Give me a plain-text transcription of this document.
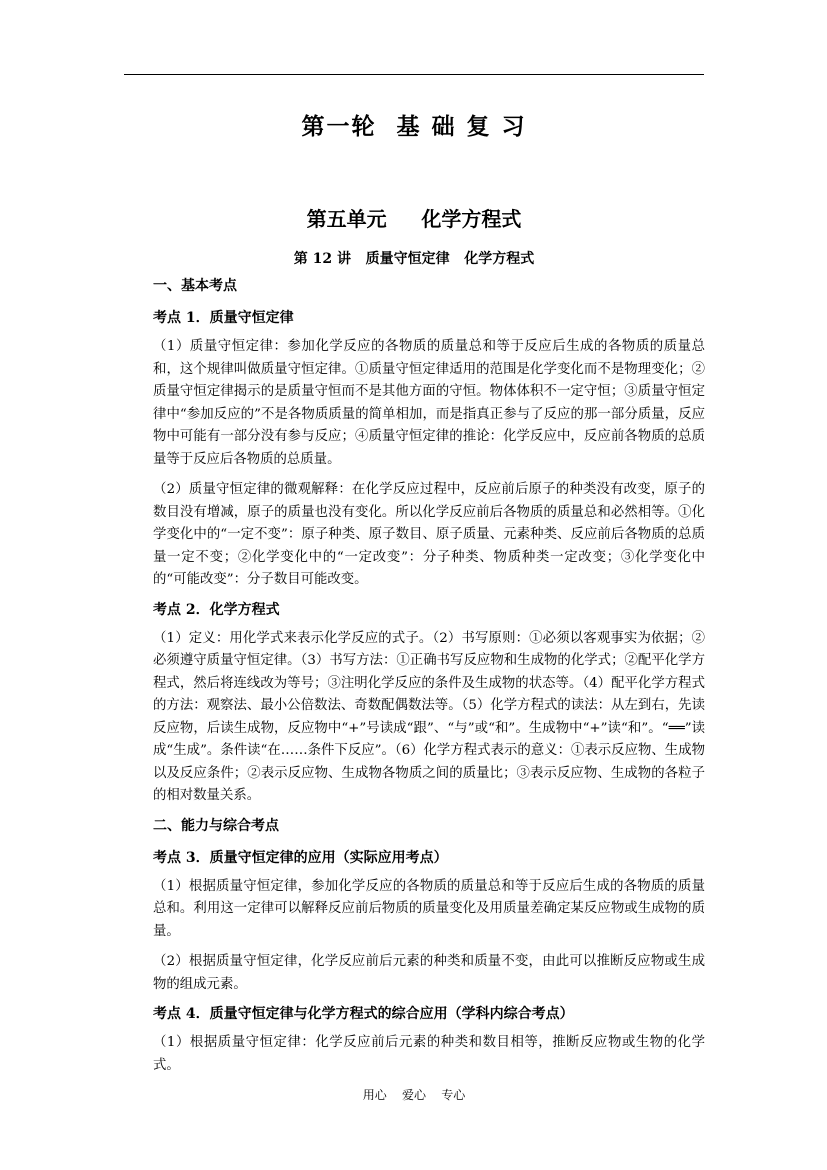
第一轮  基 础 复 习
第五单元     化学方程式
第 12 讲   质量守恒定律   化学方程式
一、基本考点
考点 1．质量守恒定律

（1）质量守恒定律：参加化学反应的各物质的质量总和等于反应后生成的各物质的质量总和，这个规律叫做质量守恒定律。①质量守恒定律适用的范围是化学变化而不是物理变化；②质量守恒定律揭示的是质量守恒而不是其他方面的守恒。物体体积不一定守恒；③质量守恒定律中“参加反应的”不是各物质质量的简单相加，而是指真正参与了反应的那一部分质量，反应物中可能有一部分没有参与反应；④质量守恒定律的推论：化学反应中，反应前各物质的总质量等于反应后各物质的总质量。

（2）质量守恒定律的微观解释：在化学反应过程中，反应前后原子的种类没有改变，原子的数目没有增减，原子的质量也没有变化。所以化学反应前后各物质的质量总和必然相等。①化学变化中的“一定不变”：原子种类、原子数目、原子质量、元素种类、反应前后各物质的总质量一定不变；②化学变化中的“一定改变”：分子种类、物质种类一定改变；③化学变化中的“可能改变”：分子数目可能改变。

考点 2．化学方程式

（1）定义：用化学式来表示化学反应的式子。（2）书写原则：①必须以客观事实为依据；②必须遵守质量守恒定律。（3）书写方法：①正确书写反应物和生成物的化学式；②配平化学方程式，然后将连线改为等号；③注明化学反应的条件及生成物的状态等。（4）配平化学方程式的方法：观察法、最小公倍数法、奇数配偶数法等。（5）化学方程式的读法：从左到右，先读反应物，后读生成物，反应物中“+”号读成“跟”、“与”或“和”。生成物中“+”读“和”。“══”读成“生成”。条件读“在……条件下反应”。（6）化学方程式表示的意义：①表示反应物、生成物以及反应条件；②表示反应物、生成物各物质之间的质量比；③表示反应物、生成物的各粒子的相对数量关系。

二、能力与综合考点
考点 3．质量守恒定律的应用（实际应用考点）

（1）根据质量守恒定律，参加化学反应的各物质的质量总和等于反应后生成的各物质的质量总和。利用这一定律可以解释反应前后物质的质量变化及用质量差确定某反应物或生成物的质量。

（2）根据质量守恒定律，化学反应前后元素的种类和质量不变，由此可以推断反应物或生成物的组成元素。

考点 4．质量守恒定律与化学方程式的综合应用（学科内综合考点）

（1）根据质量守恒定律：化学反应前后元素的种类和数目相等，推断反应物或生物的化学式。

用心    爱心    专心
